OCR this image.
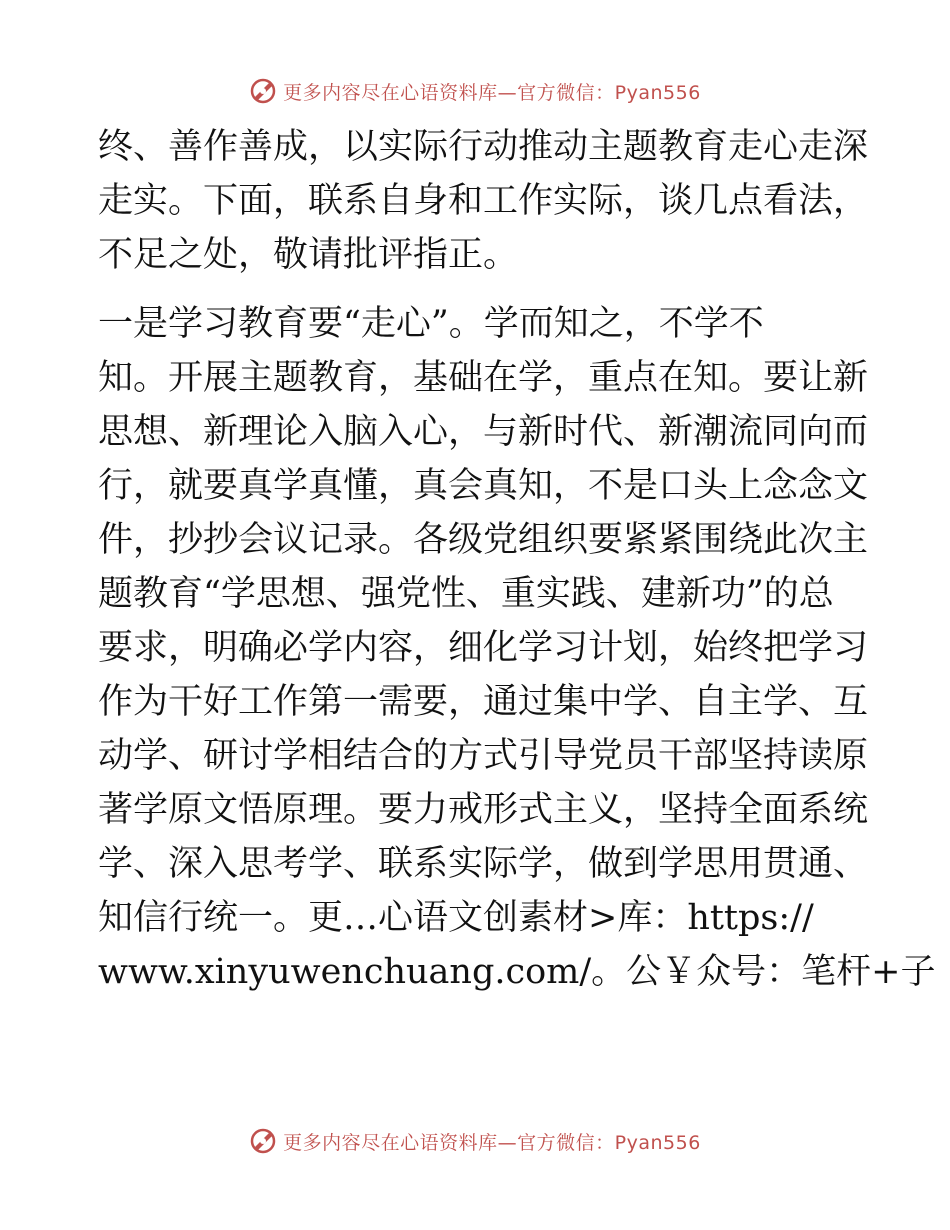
更多内容尽在心语资料库—官方微信：Pyan556
终、善作善成，以实际行动推动主题教育走心走深
走实。下面，联系自身和工作实际，谈几点看法，
不足之处，敬请批评指正。
一是学习教育要“走心”。学而知之，不学不
知。开展主题教育，基础在学，重点在知。要让新
思想、新理论入脑入心，与新时代、新潮流同向而
行，就要真学真懂，真会真知，不是口头上念念文
件，抄抄会议记录。各级党组织要紧紧围绕此次主
题教育“学思想、强党性、重实践、建新功”的总
要求，明确必学内容，细化学习计划，始终把学习
作为干好工作第一需要，通过集中学、自主学、互
动学、研讨学相结合的方式引导党员干部坚持读原
著学原文悟原理。要力戒形式主义，坚持全面系统
学、深入思考学、联系实际学，做到学思用贯通、
知信行统一。更…心语文创素材>库：https://
www.xinyuwenchuang.com/。公￥众号：笔杆+子
更多内容尽在心语资料库—官方微信：Pyan556
